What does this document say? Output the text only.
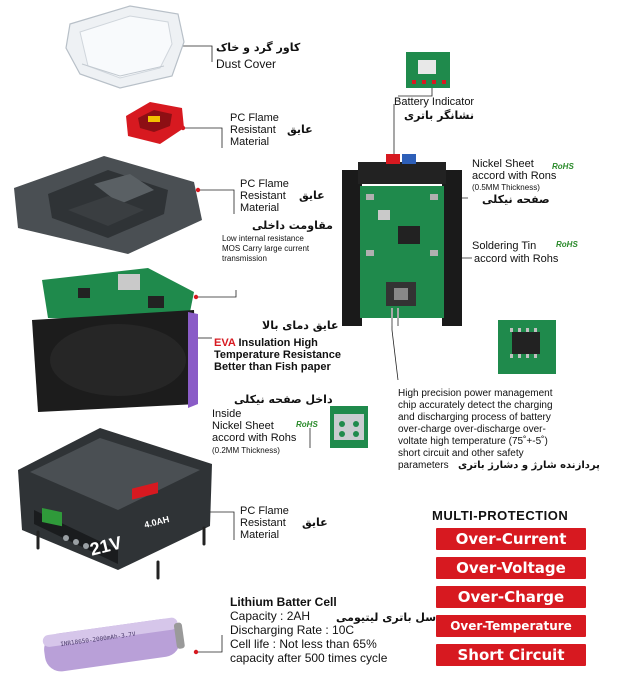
4.0AH
21V
INR18650-2000mAh-3.7V
کاور گرد و خاک
Dust Cover
PC Flame
Resistant عایق
Material
PC Flame
Resistant عایق
Material
مقاومت داخلی
Low internal resistance
MOS Carry large current
transmission
عایق دمای بالا
EVA Insulation High
Temperature Resistance
Better than Fish paper
داخل صفحه نیکلی
Inside
Nickel Sheet	RoHS
accord with Rohs
(0.2MM Thickness)
PC Flame
Resistant عایق
Material
Lithium Batter Cell
Capacity : 2AH سل باتری لیتیومی
Discharging Rate : 10C
Cell life : Not less than 65%
capacity after 500 times cycle
Battery Indicator
نشانگر باتری
Nickel Sheet RoHS
accord with Rons
(0.5MM Thickness)
صفحه نیکلی
Soldering Tin RoHS
accord with Rohs
High precision power management
chip accurately detect the charging
and discharging process of battery
over-charge over-discharge over-
voltate high temperature (75˚+-5˚)
short circuit and other safety
parameters پردازنده شارژ و دشارژ باتری
MULTI-PROTECTION
Over-Current
Over-Voltage
Over-Charge
Over-Temperature
Short Circuit
